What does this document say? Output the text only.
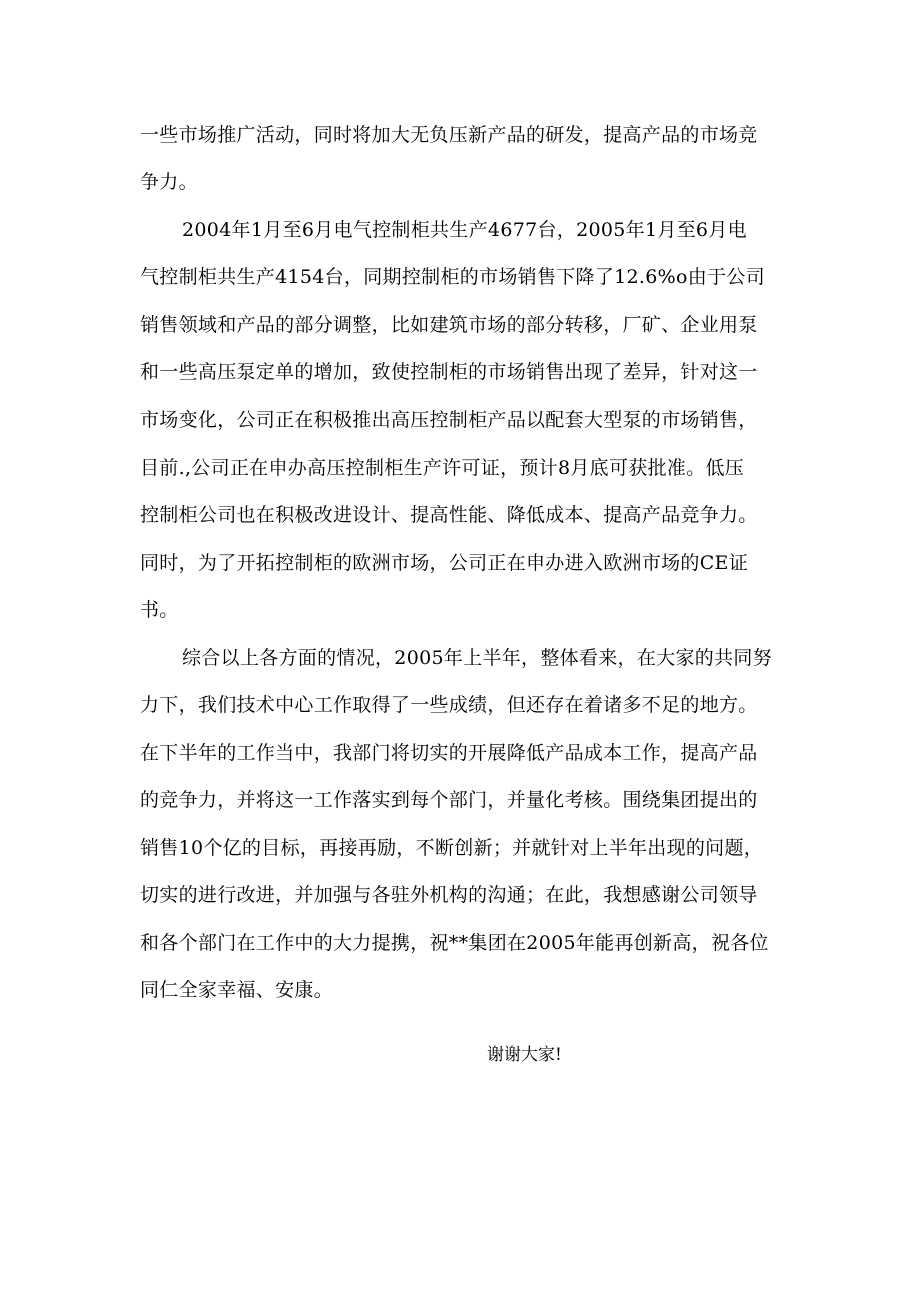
一些市场推广活动，同时将加大无负压新产品的研发，提高产品的市场竞
争力。
2004年1月至6月电气控制柜共生产4677台，2005年1月至6月电
气控制柜共生产4154台，同期控制柜的市场销售下降了12.6%o由于公司
销售领域和产品的部分调整，比如建筑市场的部分转移，厂矿、企业用泵
和一些高压泵定单的增加，致使控制柜的市场销售出现了差异，针对这一
市场变化，公司正在积极推出高压控制柜产品以配套大型泵的市场销售，
目前.,公司正在申办高压控制柜生产许可证，预计8月底可获批准。低压
控制柜公司也在积极改进设计、提高性能、降低成本、提高产品竞争力。
同时，为了开拓控制柜的欧洲市场，公司正在申办进入欧洲市场的CE证
书。
综合以上各方面的情况，2005年上半年，整体看来，在大家的共同努
力下，我们技术中心工作取得了一些成绩，但还存在着诸多不足的地方。
在下半年的工作当中，我部门将切实的开展降低产品成本工作，提高产品
的竞争力，并将这一工作落实到每个部门，并量化考核。围绕集团提出的
销售10个亿的目标，再接再励，不断创新；并就针对上半年出现的问题，
切实的进行改进，并加强与各驻外机构的沟通；在此，我想感谢公司领导
和各个部门在工作中的大力提携，祝**集团在2005年能再创新高，祝各位
同仁全家幸福、安康。
谢谢大家!
